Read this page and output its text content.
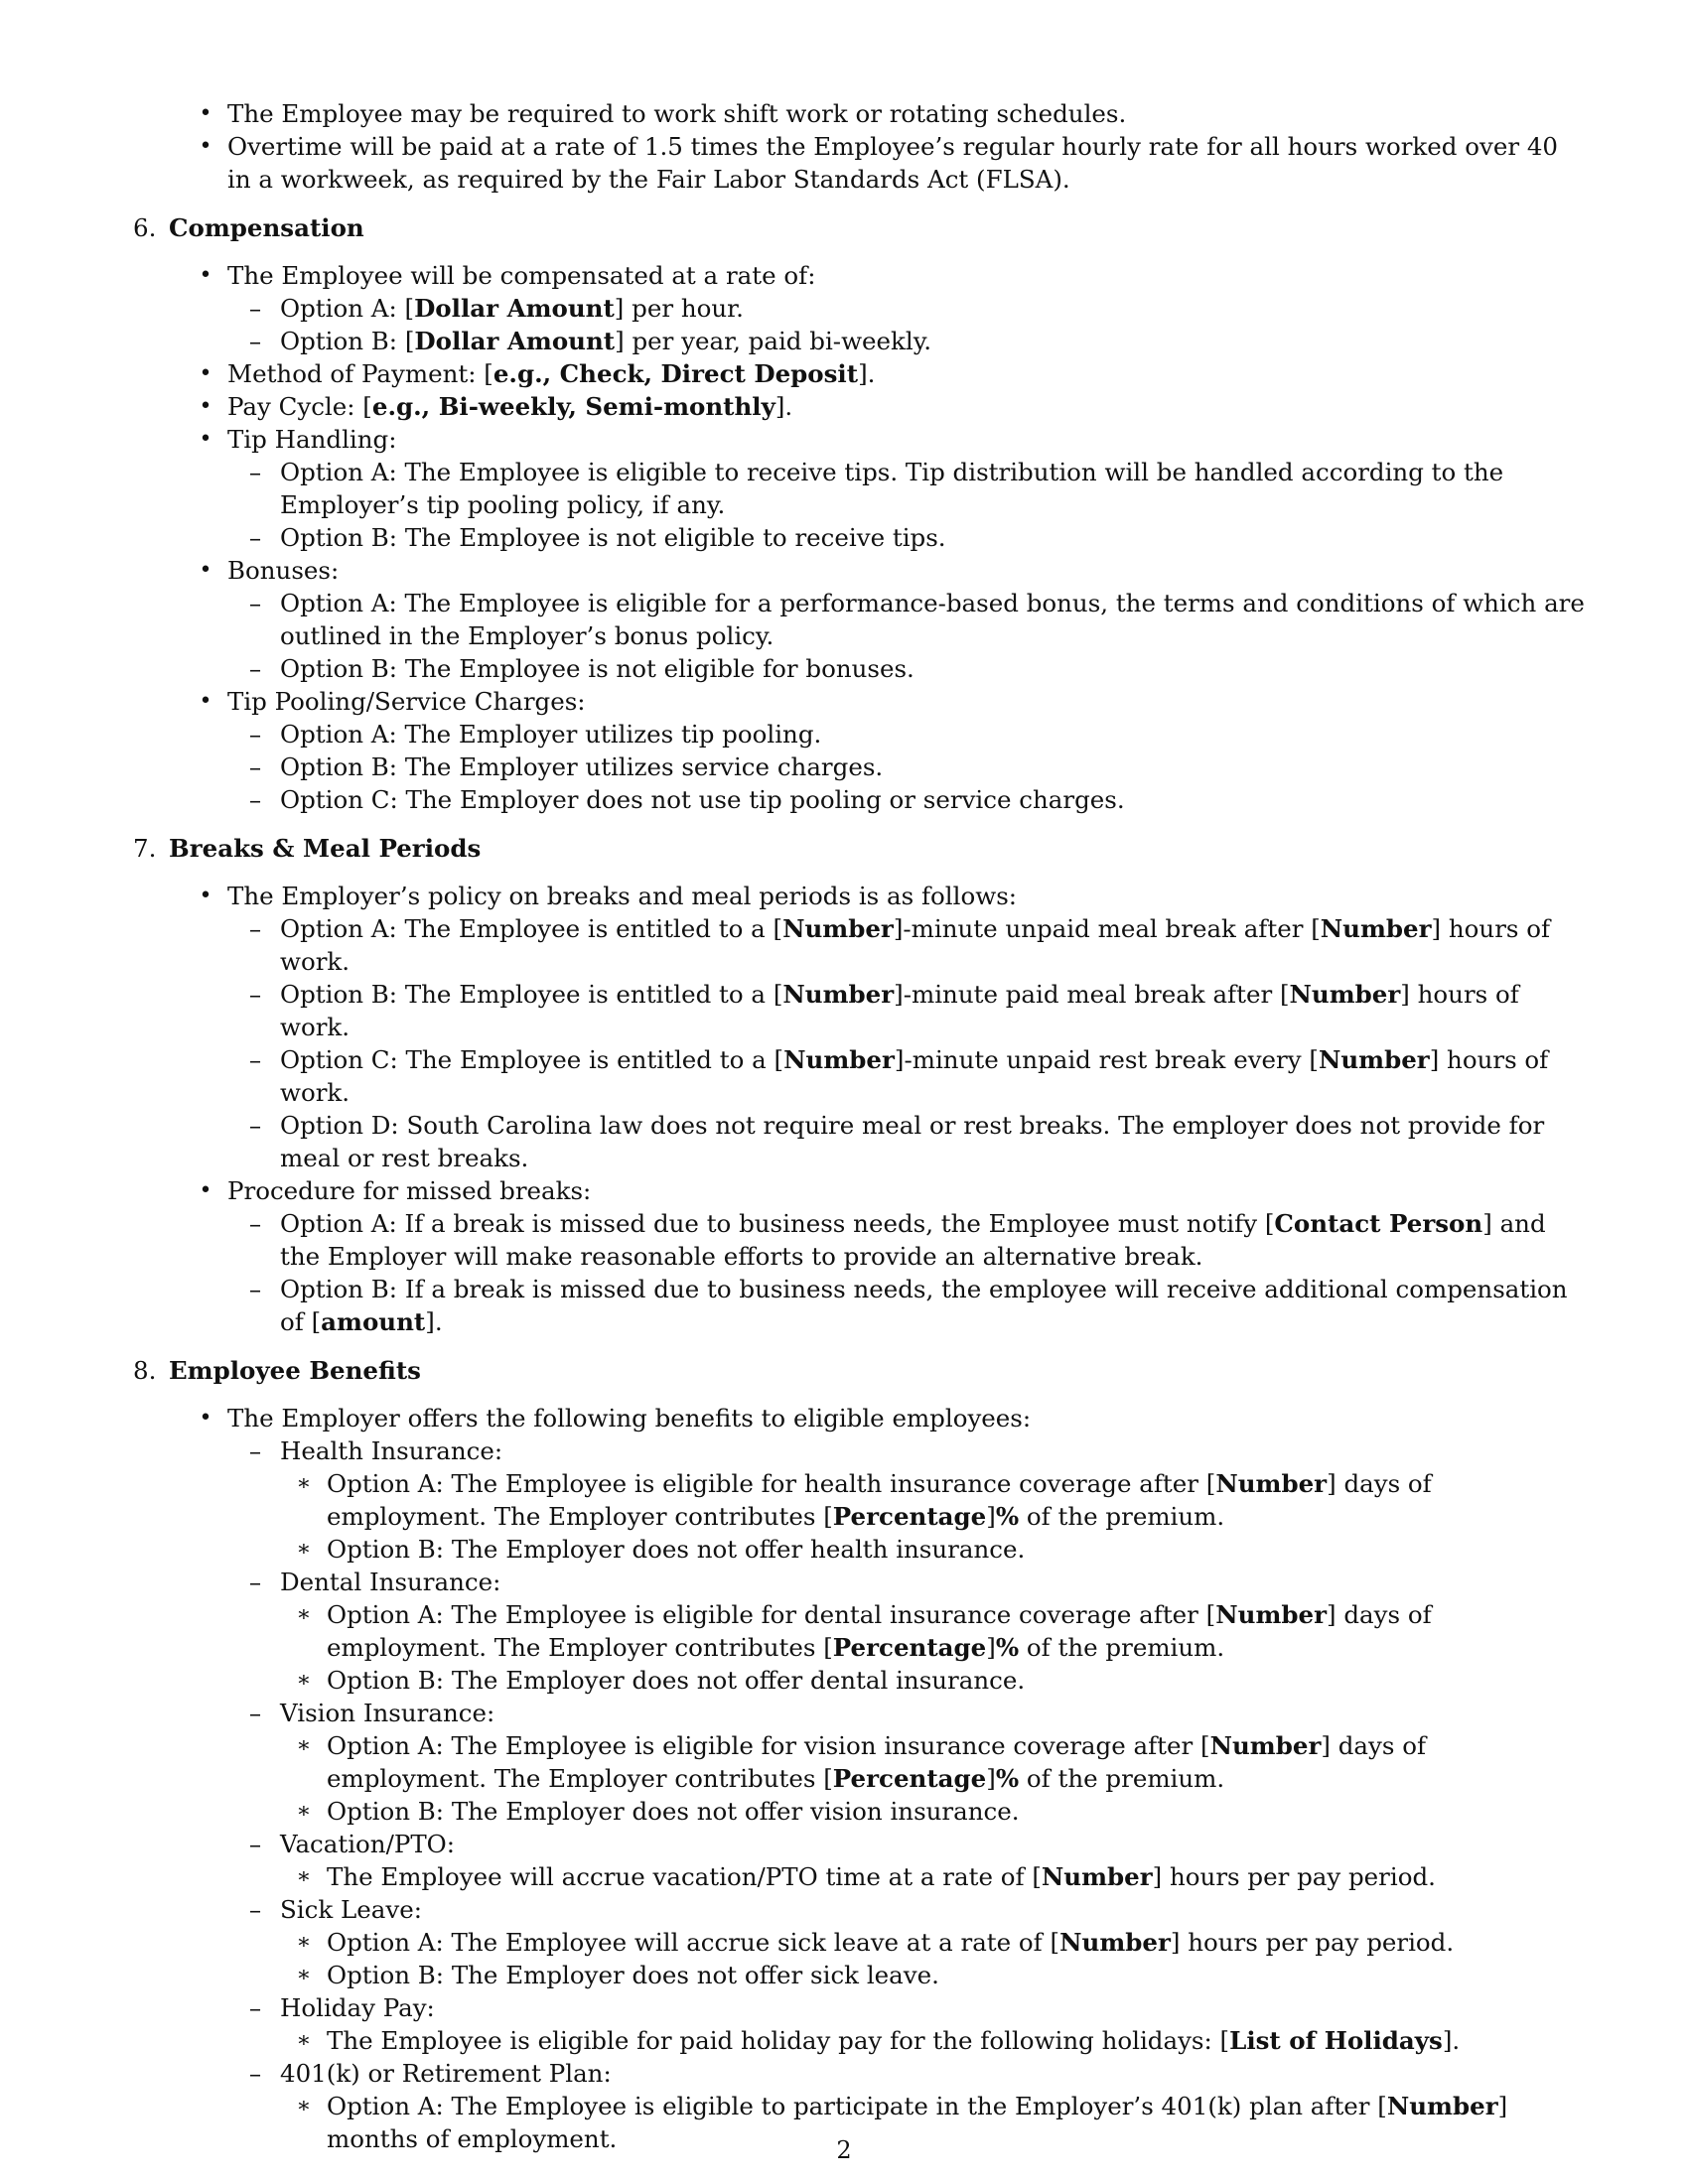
• The Employee may be required to work shift work or rotating schedules.
• Overtime will be paid at a rate of 1.5 times the Employee’s regular hourly rate for all hours worked over 40 in a workweek, as required by the Fair Labor Standards Act (FLSA).
6. Compensation
• The Employee will be compensated at a rate of:
– Option A: [Dollar Amount] per hour.
– Option B: [Dollar Amount] per year, paid bi-weekly.
• Method of Payment: [e.g., Check, Direct Deposit].
• Pay Cycle: [e.g., Bi-weekly, Semi-monthly].
• Tip Handling:
– Option A: The Employee is eligible to receive tips. Tip distribution will be handled according to the Employer’s tip pooling policy, if any.
– Option B: The Employee is not eligible to receive tips.
• Bonuses:
– Option A: The Employee is eligible for a performance-based bonus, the terms and conditions of which are outlined in the Employer’s bonus policy.
– Option B: The Employee is not eligible for bonuses.
• Tip Pooling/Service Charges:
– Option A: The Employer utilizes tip pooling.
– Option B: The Employer utilizes service charges.
– Option C: The Employer does not use tip pooling or service charges.
7. Breaks & Meal Periods
• The Employer’s policy on breaks and meal periods is as follows:
– Option A: The Employee is entitled to a [Number]-minute unpaid meal break after [Number] hours of work.
– Option B: The Employee is entitled to a [Number]-minute paid meal break after [Number] hours of work.
– Option C: The Employee is entitled to a [Number]-minute unpaid rest break every [Number] hours of work.
– Option D: South Carolina law does not require meal or rest breaks. The employer does not provide for meal or rest breaks.
• Procedure for missed breaks:
– Option A: If a break is missed due to business needs, the Employee must notify [Contact Person] and the Employer will make reasonable efforts to provide an alternative break.
– Option B: If a break is missed due to business needs, the employee will receive additional compensation of [amount].
8. Employee Benefits
• The Employer offers the following benefits to eligible employees:
– Health Insurance:
∗ Option A: The Employee is eligible for health insurance coverage after [Number] days of employment. The Employer contributes [Percentage]% of the premium.
∗ Option B: The Employer does not offer health insurance.
– Dental Insurance:
∗ Option A: The Employee is eligible for dental insurance coverage after [Number] days of employment. The Employer contributes [Percentage]% of the premium.
∗ Option B: The Employer does not offer dental insurance.
– Vision Insurance:
∗ Option A: The Employee is eligible for vision insurance coverage after [Number] days of employment. The Employer contributes [Percentage]% of the premium.
∗ Option B: The Employer does not offer vision insurance.
– Vacation/PTO:
∗ The Employee will accrue vacation/PTO time at a rate of [Number] hours per pay period.
– Sick Leave:
∗ Option A: The Employee will accrue sick leave at a rate of [Number] hours per pay period.
∗ Option B: The Employer does not offer sick leave.
– Holiday Pay:
∗ The Employee is eligible for paid holiday pay for the following holidays: [List of Holidays].
– 401(k) or Retirement Plan:
∗ Option A: The Employee is eligible to participate in the Employer’s 401(k) plan after [Number] months of employment.	2
